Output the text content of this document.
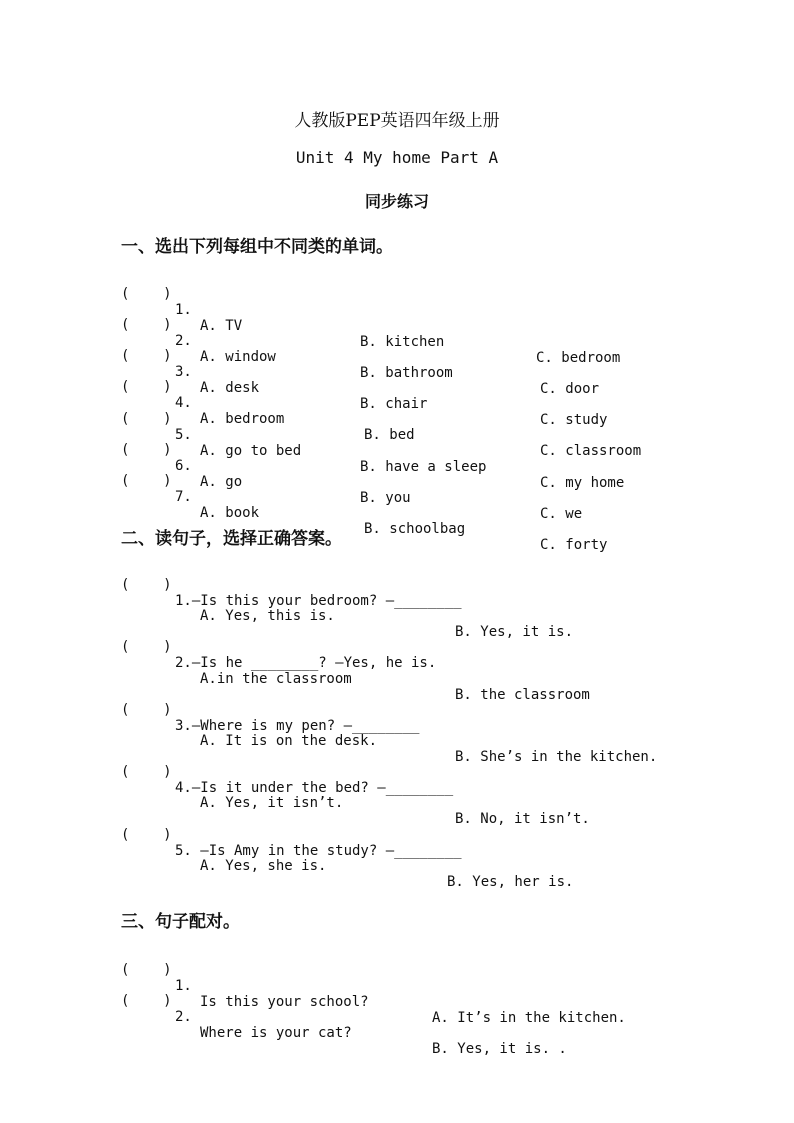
人教版PEP英语四年级上册
Unit 4 My home Part A
同步练习
一、选出下列每组中不同类的单词。

(    )

1.

A. TV

B. kitchen

C. bedroom

(    )

2.

A. window

B. bathroom

C. door

(    )

3.

A. desk

B. chair

C. study

(    )

4.

A. bedroom

B. bed

C. classroom

(    )

5.

A. go to bed

B. have a sleep

C. my home

(    )

6.

A. go

B. you

C. we

(    )

7.

A. book

B. schoolbag

C. forty

二、读句子，选择正确答案。

(    )

1.—Is this your bedroom? —________

A. Yes, this is.

B. Yes, it is.

(    )

2.—Is he ________? —Yes, he is.

A.in the classroom

B. the classroom

(    )

3.—Where is my pen? —________

A. It is on the desk.

B. She’s in the kitchen.

(    )

4.—Is it under the bed? —________

A. Yes, it isn’t.

B. No, it isn’t.

(    )

5. —Is Amy in the study? —________

A. Yes, she is.

B. Yes, her is.

三、句子配对。

(    )

1.

Is this your school?

A. It’s in the kitchen.

(    )

2.

Where is your cat?

B. Yes, it is. .
